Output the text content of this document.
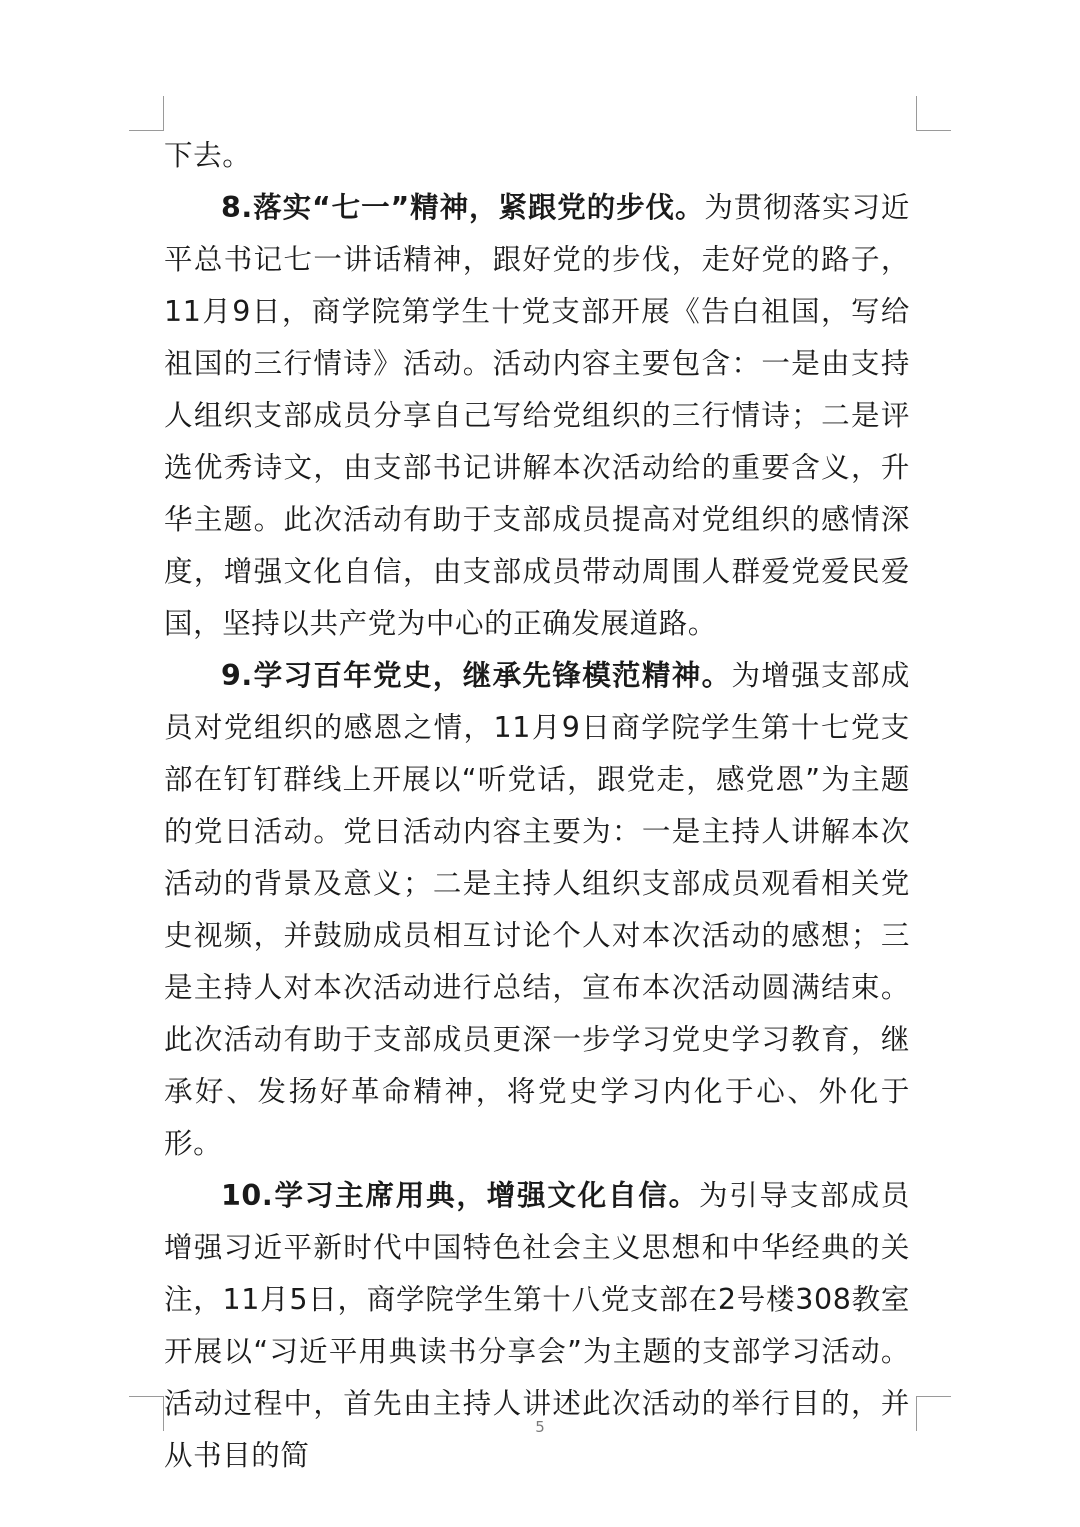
下去。

8.落实“七一”精神，紧跟党的步伐。为贯彻落实习近平总书记七一讲话精神，跟好党的步伐，走好党的路子，11月9日，商学院第学生十党支部开展《告白祖国，写给祖国的三行情诗》活动。活动内容主要包含：一是由支持人组织支部成员分享自己写给党组织的三行情诗；二是评选优秀诗文，由支部书记讲解本次活动给的重要含义，升华主题。此次活动有助于支部成员提高对党组织的感情深度，增强文化自信，由支部成员带动周围人群爱党爱民爱国，坚持以共产党为中心的正确发展道路。

9.学习百年党史，继承先锋模范精神。为增强支部成员对党组织的感恩之情，11月9日商学院学生第十七党支部在钉钉群线上开展以“听党话，跟党走，感党恩”为主题的党日活动。党日活动内容主要为：一是主持人讲解本次活动的背景及意义；二是主持人组织支部成员观看相关党史视频，并鼓励成员相互讨论个人对本次活动的感想；三是主持人对本次活动进行总结，宣布本次活动圆满结束。此次活动有助于支部成员更深一步学习党史学习教育，继承好、发扬好革命精神，将党史学习内化于心、外化于形。

10.学习主席用典，增强文化自信。为引导支部成员增强习近平新时代中国特色社会主义思想和中华经典的关注，11月5日，商学院学生第十八党支部在2号楼308教室开展以“习近平用典读书分享会”为主题的支部学习活动。活动过程中，首先由主持人讲述此次活动的举行目的，并从书目的简

5
